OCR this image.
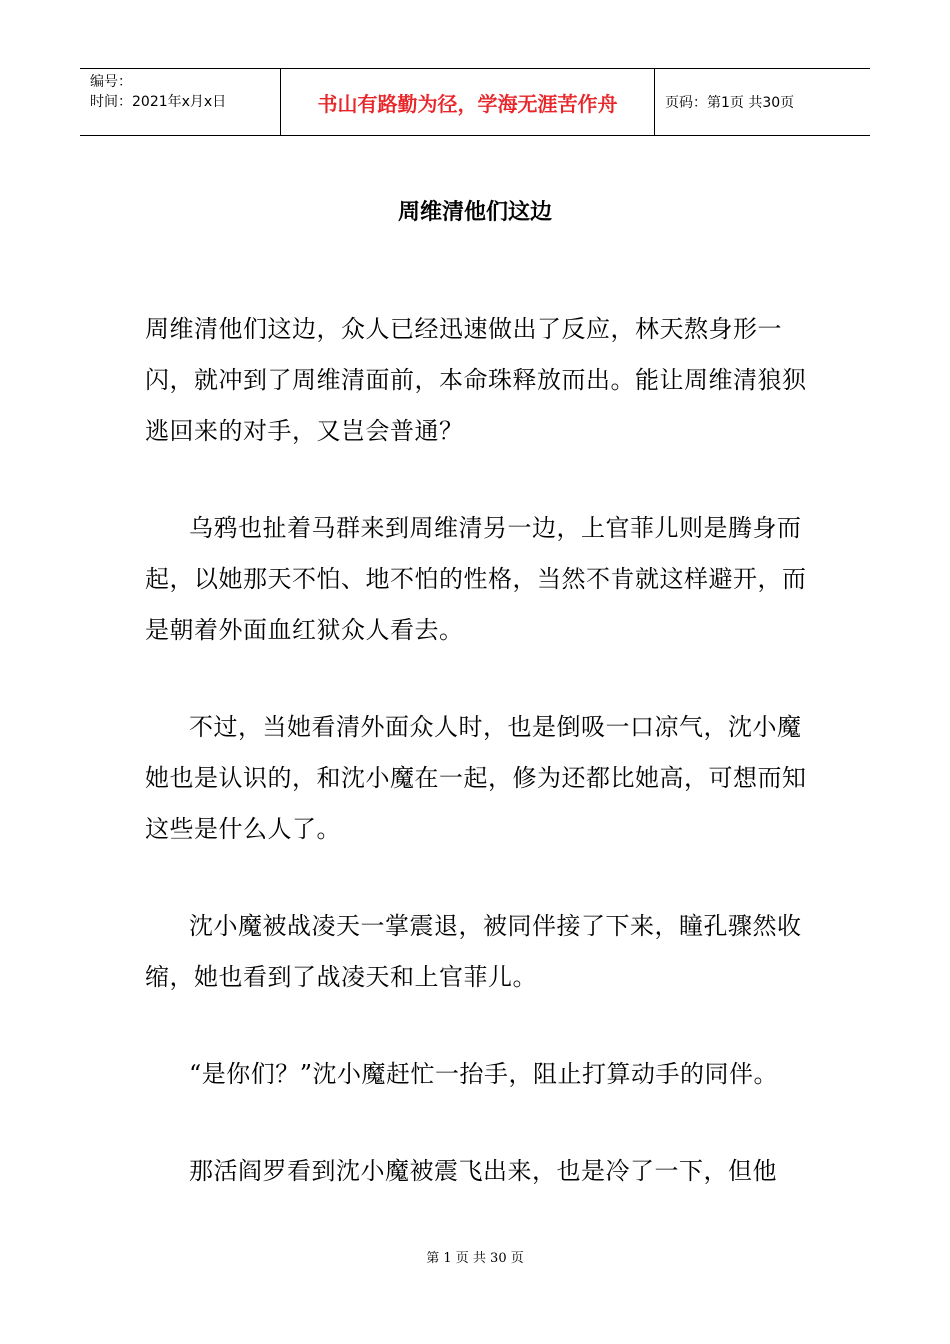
编号：
时间：2021年x月x日	书山有路勤为径，学海无涯苦作舟	页码：第1页 共30页
周维清他们这边

周维清他们这边，众人已经迅速做出了反应，林天熬身形一闪，就冲到了周维清面前，本命珠释放而出。能让周维清狼狈逃回来的对手，又岂会普通？

乌鸦也扯着马群来到周维清另一边，上官菲儿则是腾身而起，以她那天不怕、地不怕的性格，当然不肯就这样避开，而是朝着外面血红狱众人看去。

不过，当她看清外面众人时，也是倒吸一口凉气，沈小魔她也是认识的，和沈小魔在一起，修为还都比她高，可想而知这些是什么人了。

沈小魔被战凌天一掌震退，被同伴接了下来，瞳孔骤然收缩，她也看到了战凌天和上官菲儿。

“是你们？”沈小魔赶忙一抬手，阻止打算动手的同伴。

那活阎罗看到沈小魔被震飞出来，也是冷了一下，但他

第 1 页 共 30 页
